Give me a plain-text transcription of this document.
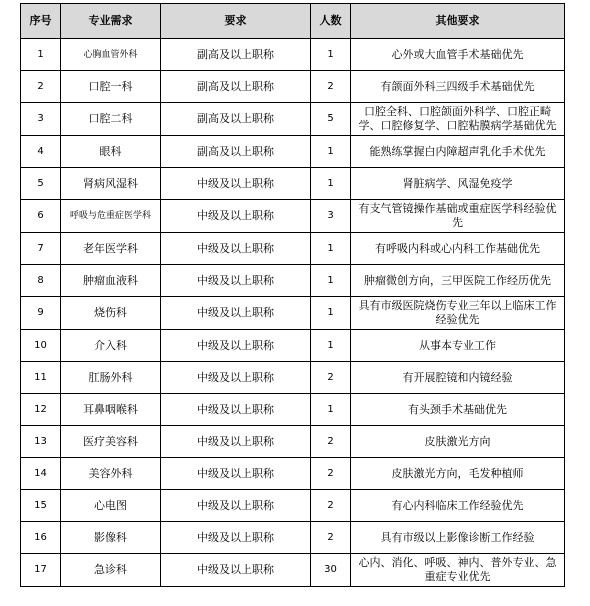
序号	专业需求	要求	人数	其他要求
1	心胸血管外科	副高及以上职称	1	心外或大血管手术基础优先
2	口腔一科	副高及以上职称	2	有颌面外科三四级手术基础优先
3	口腔二科	副高及以上职称	5	口腔全科、口腔颌面外科学、口腔正畸学、口腔修复学、口腔粘膜病学基础优先
4	眼科	副高及以上职称	1	能熟练掌握白内障超声乳化手术优先
5	肾病风湿科	中级及以上职称	1	肾脏病学、风湿免疫学
6	呼吸与危重症医学科	中级及以上职称	3	有支气管镜操作基础或重症医学科经验优先
7	老年医学科	中级及以上职称	1	有呼吸内科或心内科工作基础优先
8	肿瘤血液科	中级及以上职称	1	肿瘤微创方向，三甲医院工作经历优先
9	烧伤科	中级及以上职称	1	具有市级医院烧伤专业三年以上临床工作经验优先
10	介入科	中级及以上职称	1	从事本专业工作
11	肛肠外科	中级及以上职称	2	有开展腔镜和内镜经验
12	耳鼻咽喉科	中级及以上职称	1	有头颈手术基础优先
13	医疗美容科	中级及以上职称	2	皮肤激光方向
14	美容外科	中级及以上职称	2	皮肤激光方向，毛发种植师
15	心电图	中级及以上职称	2	有心内科临床工作经验优先
16	影像科	中级及以上职称	2	具有市级以上影像诊断工作经验
17	急诊科	中级及以上职称	30	心内、消化、呼吸、神内、普外专业、急重症专业优先
